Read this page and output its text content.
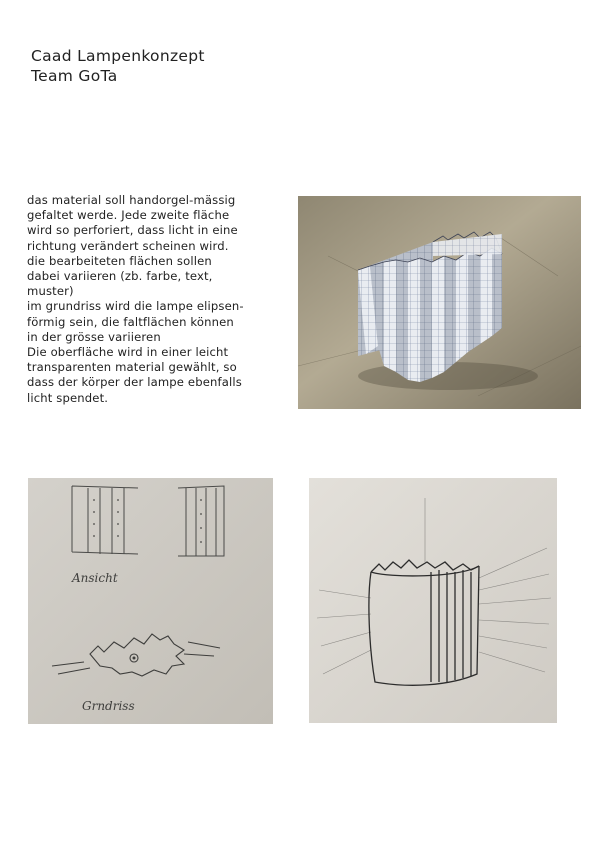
Caad Lampenkonzept
Team GoTa
das material soll handorgel-mässig
gefaltet werde. Jede zweite fläche
wird so perforiert, dass licht in eine
richtung verändert scheinen wird.
die bearbeiteten flächen sollen
dabei variieren (zb. farbe, text,
muster)
im grundriss wird die lampe elipsen-
förmig sein, die faltflächen können
in der grösse variieren
Die oberfläche wird in einer leicht
transparenten material gewählt, so
dass der körper der lampe ebenfalls
licht spendet.
Ansicht
Grndriss
